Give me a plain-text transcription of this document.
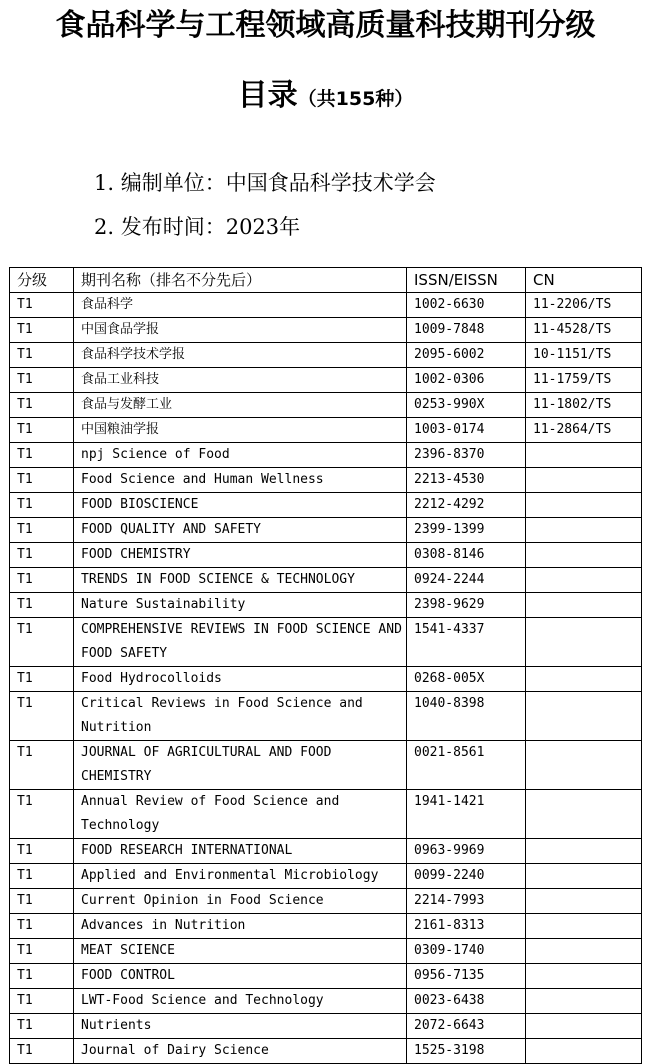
食品科学与工程领域高质量科技期刊分级
目录（共155种）
1. 编制单位：中国食品科学技术学会
2. 发布时间：2023年
分级	期刊名称（排名不分先后）	ISSN/EISSN	CN
T1	食品科学	1002-6630	11-2206/TS
T1	中国食品学报	1009-7848	11-4528/TS
T1	食品科学技术学报	2095-6002	10-1151/TS
T1	食品工业科技	1002-0306	11-1759/TS
T1	食品与发酵工业	0253-990X	11-1802/TS
T1	中国粮油学报	1003-0174	11-2864/TS
T1	npj Science of Food	2396-8370	
T1	Food Science and Human Wellness	2213-4530	
T1	FOOD BIOSCIENCE	2212-4292	
T1	FOOD QUALITY AND SAFETY	2399-1399	
T1	FOOD CHEMISTRY	0308-8146	
T1	TRENDS IN FOOD SCIENCE & TECHNOLOGY	0924-2244	
T1	Nature Sustainability	2398-9629	
T1	COMPREHENSIVE REVIEWS IN FOOD SCIENCE AND FOOD SAFETY	1541-4337	
T1	Food Hydrocolloids	0268-005X	
T1	Critical Reviews in Food Science and Nutrition	1040-8398	
T1	JOURNAL OF AGRICULTURAL AND FOOD CHEMISTRY	0021-8561	
T1	Annual Review of Food Science and Technology	1941-1421	
T1	FOOD RESEARCH INTERNATIONAL	0963-9969	
T1	Applied and Environmental Microbiology	0099-2240	
T1	Current Opinion in Food Science	2214-7993	
T1	Advances in Nutrition	2161-8313	
T1	MEAT SCIENCE	0309-1740	
T1	FOOD CONTROL	0956-7135	
T1	LWT-Food Science and Technology	0023-6438	
T1	Nutrients	2072-6643	
T1	Journal of Dairy Science	1525-3198	
